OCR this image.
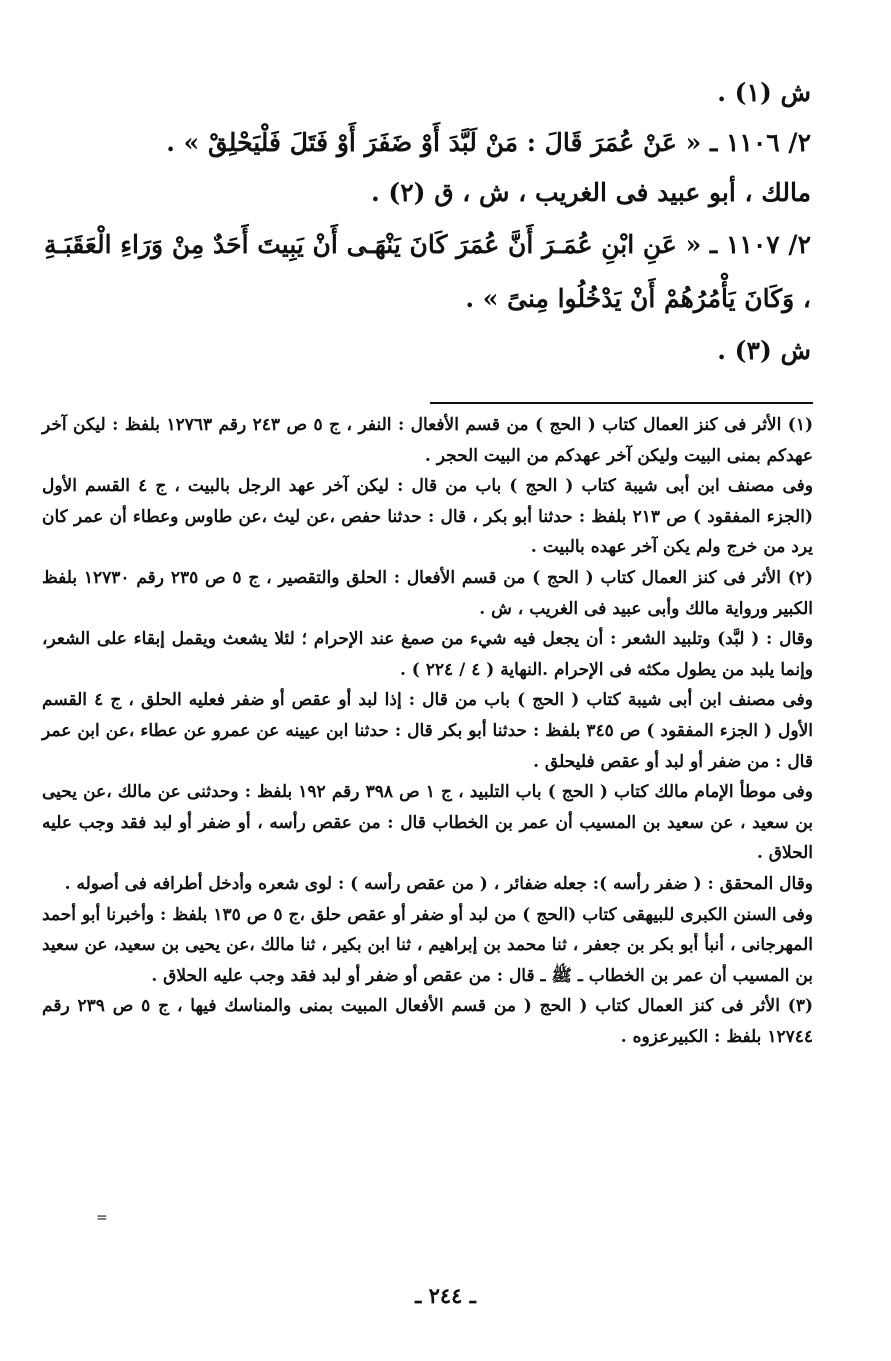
ش (١) .
٢/ ١١٠٦ ـ « عَنْ عُمَرَ قَالَ : مَنْ لَبَّدَ أَوْ ضَفَرَ أَوْ فَتَلَ فَلْيَحْلِقْ » .
مالك ، أبو عبيد فى الغريب ، ش ، ق (٢) .
٢/ ١١٠٧ ـ « عَنِ ابْنِ عُمَـرَ أَنَّ عُمَرَ كَانَ يَنْهَـى أَنْ يَبِيتَ أَحَدٌ مِنْ وَرَاءِ الْعَقَبَـةِ ، وَكَانَ يَأْمُرُهُمْ أَنْ يَدْخُلُوا مِنىً » .
ش (٣) .

(١) الأثر فى كنز العمال كتاب ( الحج ) من قسم الأفعال : النفر ، ج ٥ ص ٢٤٣ رقم ١٢٧٦٣ بلفظ : ليكن آخر عهدكم بمنى البيت وليكن آخر عهدكم من البيت الحجر .

وفى مصنف ابن أبى شيبة كتاب ( الحج ) باب من قال : ليكن آخر عهد الرجل بالبيت ، ج ٤ القسم الأول (الجزء المفقود ) ص ٢١٣ بلفظ : حدثنا أبو بكر ، قال : حدثنا حفص ،عن ليث ،عن طاوس وعطاء أن عمر كان يرد من خرج ولم يكن آخر عهده بالبيت .

(٢) الأثر فى كنز العمال كتاب ( الحج ) من قسم الأفعال : الحلق والتقصير ، ج ٥ ص ٢٣٥ رقم ١٢٧٣٠ بلفظ الكبير ورواية مالك وأبى عبيد فى الغريب ، ش .

وقال : ( لبَّد) وتلبيد الشعر : أن يجعل فيه شيء من صمغ عند الإحرام ؛ لئلا يشعث ويقمل إبقاء على الشعر، وإنما يلبد من يطول مكثه فى الإحرام .النهاية ( ٤ / ٢٢٤ ) .

وفى مصنف ابن أبى شيبة كتاب ( الحج ) باب من قال : إذا لبد أو عقص أو ضفر فعليه الحلق ، ج ٤ القسم الأول ( الجزء المفقود ) ص ٣٤٥ بلفظ : حدثنا أبو بكر قال : حدثنا ابن عيينه عن عمرو عن عطاء ،عن ابن عمر قال : من ضفر أو لبد أو عقص فليحلق .

وفى موطأ الإمام مالك كتاب ( الحج ) باب التلبيد ، ج ١ ص ٣٩٨ رقم ١٩٢ بلفظ : وحدثنى عن مالك ،عن يحيى بن سعيد ، عن سعيد بن المسيب أن عمر بن الخطاب قال : من عقص رأسه ، أو ضفر أو لبد فقد وجب عليه الحلاق .

وقال المحقق : ( ضفر رأسه ): جعله ضفائر ، ( من عقص رأسه ) : لوى شعره وأدخل أطرافه فى أصوله .

وفى السنن الكبرى للبيهقى كتاب (الحج ) من لبد أو ضفر أو عقص حلق ،ج ٥ ص ١٣٥ بلفظ : وأخبرنا أبو أحمد المهرجانى ، أنبأ أبو بكر بن جعفر ، ثنا محمد بن إبراهيم ، ثنا ابن بكير ، ثنا مالك ،عن يحيى بن سعيد، عن سعيد بن المسيب أن عمر بن الخطاب ـ ﷺ ـ قال : من عقص أو ضفر أو لبد فقد وجب عليه الحلاق .

(٣) الأثر فى كنز العمال كتاب ( الحج ( من قسم الأفعال المبيت بمنى والمناسك فيها ، ج ٥ ص ٢٣٩ رقم ١٢٧٤٤ بلفظ : الكبيرعزوه .

=
ـ ٢٤٤ ـ
